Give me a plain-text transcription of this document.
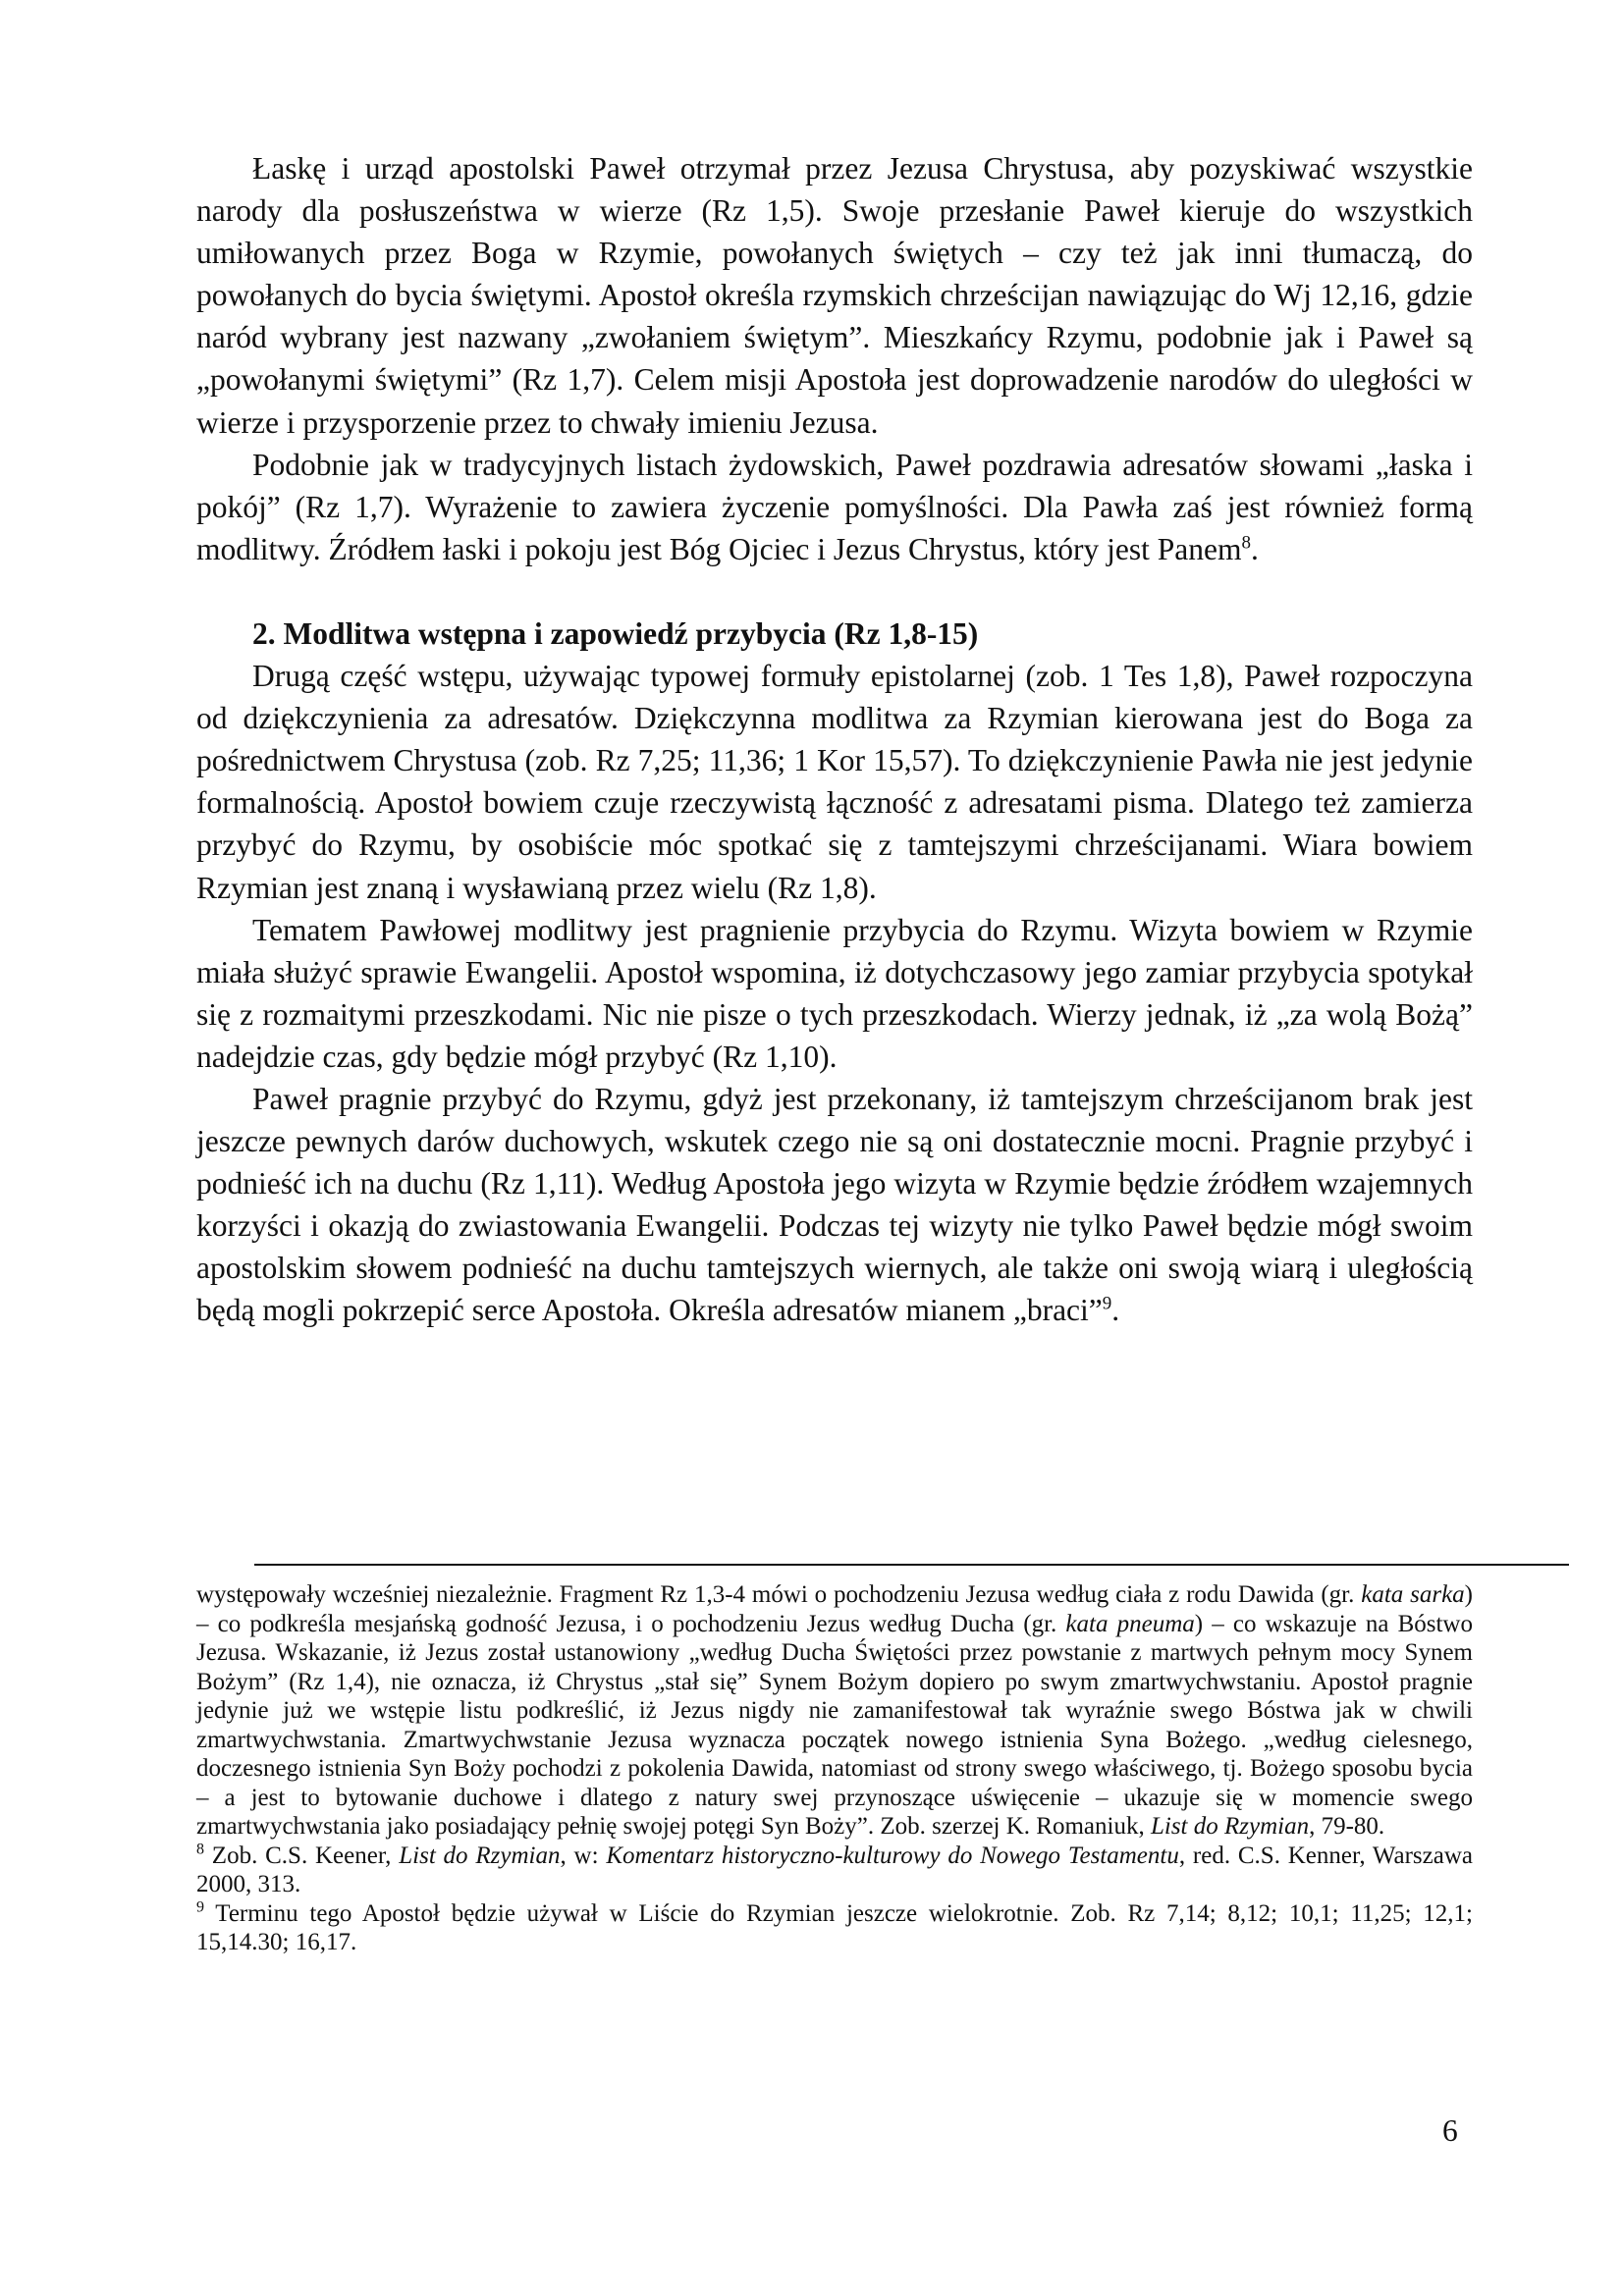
Łaskę i urząd apostolski Paweł otrzymał przez Jezusa Chrystusa, aby pozyskiwać wszystkie narody dla posłuszeństwa w wierze (Rz 1,5). Swoje przesłanie Paweł kieruje do wszystkich umiłowanych przez Boga w Rzymie, powołanych świętych – czy też jak inni tłumaczą, do powołanych do bycia świętymi. Apostoł określa rzymskich chrześcijan nawiązując do Wj 12,16, gdzie naród wybrany jest nazwany „zwołaniem świętym”. Mieszkańcy Rzymu, podobnie jak i Paweł są „powołanymi świętymi” (Rz 1,7). Celem misji Apostoła jest doprowadzenie narodów do uległości w wierze i przysporzenie przez to chwały imieniu Jezusa.

Podobnie jak w tradycyjnych listach żydowskich, Paweł pozdrawia adresatów słowami „łaska i pokój” (Rz 1,7). Wyrażenie to zawiera życzenie pomyślności. Dla Pawła zaś jest również formą modlitwy. Źródłem łaski i pokoju jest Bóg Ojciec i Jezus Chrystus, który jest Panem$^8$.

2. Modlitwa wstępna i zapowiedź przybycia (Rz 1,8-15)

Drugą część wstępu, używając typowej formuły epistolarnej (zob. 1 Tes 1,8), Paweł rozpoczyna od dziękczynienia za adresatów. Dziękczynna modlitwa za Rzymian kierowana jest do Boga za pośrednictwem Chrystusa (zob. Rz 7,25; 11,36; 1 Kor 15,57). To dziękczynienie Pawła nie jest jedynie formalnością. Apostoł bowiem czuje rzeczywistą łączność z adresatami pisma. Dlatego też zamierza przybyć do Rzymu, by osobiście móc spotkać się z tamtejszymi chrześcijanami. Wiara bowiem Rzymian jest znaną i wysławianą przez wielu (Rz 1,8).

Tematem Pawłowej modlitwy jest pragnienie przybycia do Rzymu. Wizyta bowiem w Rzymie miała służyć sprawie Ewangelii. Apostoł wspomina, iż dotychczasowy jego zamiar przybycia spotykał się z rozmaitymi przeszkodami. Nic nie pisze o tych przeszkodach. Wierzy jednak, iż „za wolą Bożą” nadejdzie czas, gdy będzie mógł przybyć (Rz 1,10).

Paweł pragnie przybyć do Rzymu, gdyż jest przekonany, iż tamtejszym chrześcijanom brak jest jeszcze pewnych darów duchowych, wskutek czego nie są oni dostatecznie mocni. Pragnie przybyć i podnieść ich na duchu (Rz 1,11). Według Apostoła jego wizyta w Rzymie będzie źródłem wzajemnych korzyści i okazją do zwiastowania Ewangelii. Podczas tej wizyty nie tylko Paweł będzie mógł swoim apostolskim słowem podnieść na duchu tamtejszych wiernych, ale także oni swoją wiarą i uległością będą mogli pokrzepić serce Apostoła. Określa adresatów mianem „braci”$^9$.

występowały wcześniej niezależnie. Fragment Rz 1,3-4 mówi o pochodzeniu Jezusa według ciała z rodu Dawida (gr. kata sarka) – co podkreśla mesjańską godność Jezusa, i o pochodzeniu Jezus według Ducha (gr. kata pneuma) – co wskazuje na Bóstwo Jezusa. Wskazanie, iż Jezus został ustanowiony „według Ducha Świętości przez powstanie z martwych pełnym mocy Synem Bożym” (Rz 1,4), nie oznacza, iż Chrystus „stał się” Synem Bożym dopiero po swym zmartwychwstaniu. Apostoł pragnie jedynie już we wstępie listu podkreślić, iż Jezus nigdy nie zamanifestował tak wyraźnie swego Bóstwa jak w chwili zmartwychwstania. Zmartwychwstanie Jezusa wyznacza początek nowego istnienia Syna Bożego. „według cielesnego, doczesnego istnienia Syn Boży pochodzi z pokolenia Dawida, natomiast od strony swego właściwego, tj. Bożego sposobu bycia – a jest to bytowanie duchowe i dlatego z natury swej przynoszące uświęcenie – ukazuje się w momencie swego zmartwychwstania jako posiadający pełnię swojej potęgi Syn Boży”. Zob. szerzej K. Romaniuk, List do Rzymian, 79-80.

$^8$ Zob. C.S. Keener, List do Rzymian, w: Komentarz historyczno-kulturowy do Nowego Testamentu, red. C.S. Kenner, Warszawa 2000, 313.

$^9$ Terminu tego Apostoł będzie używał w Liście do Rzymian jeszcze wielokrotnie. Zob. Rz 7,14; 8,12; 10,1; 11,25; 12,1; 15,14.30; 16,17.

6
